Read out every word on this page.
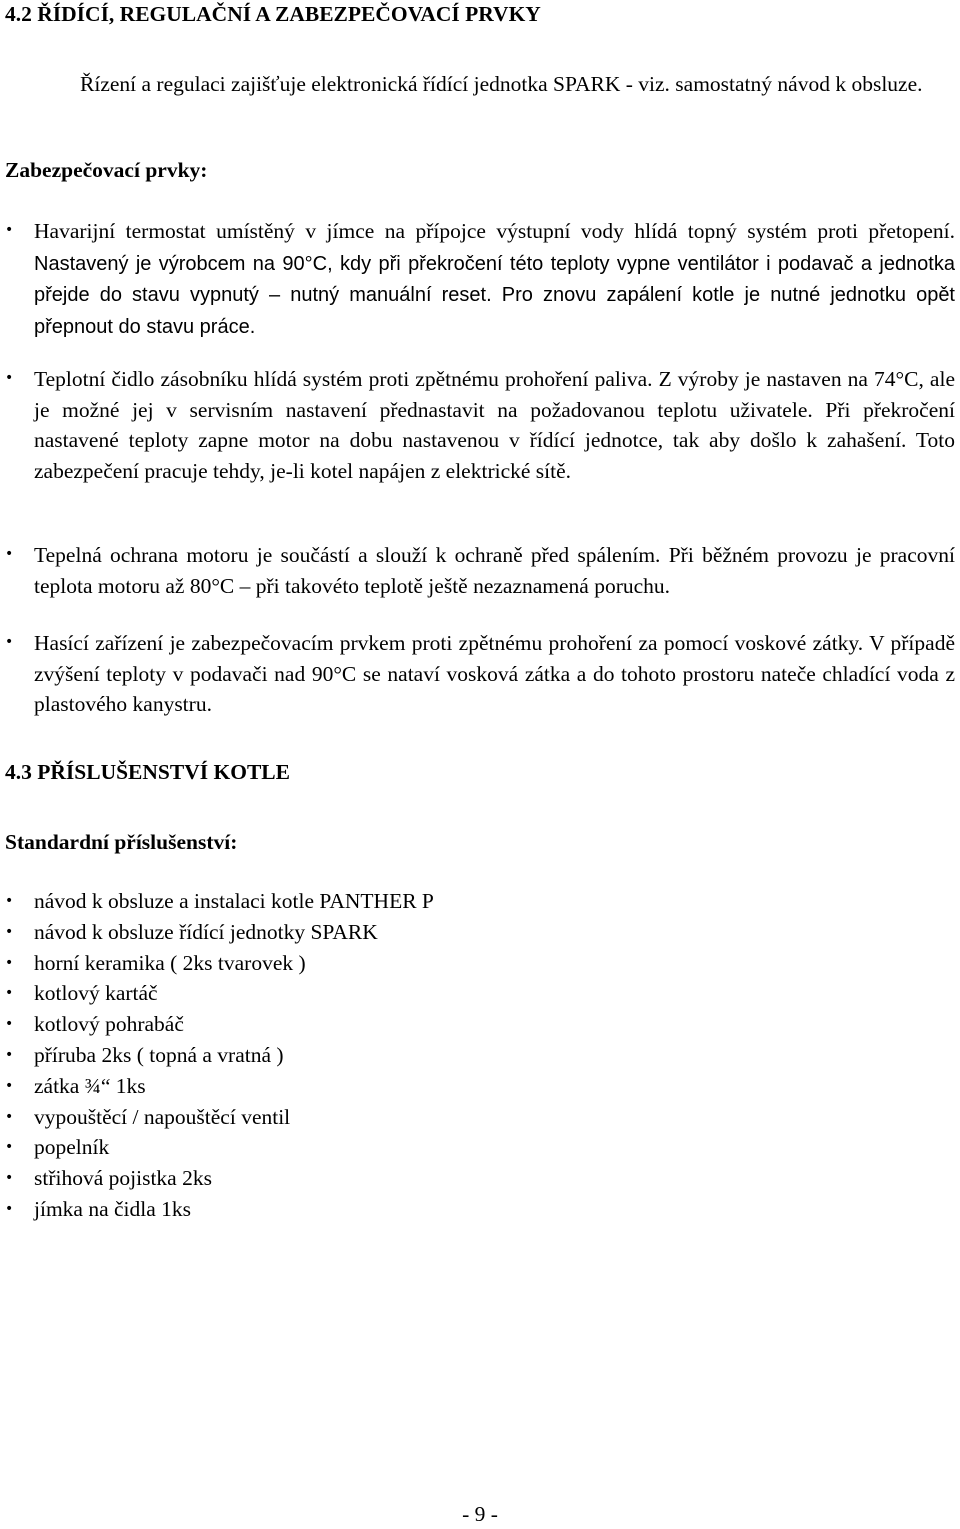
4.2 ŘÍDÍCÍ, REGULAČNÍ A ZABEZPEČOVACÍ PRVKY
Řízení a regulaci zajišťuje elektronická řídící jednotka SPARK - viz. samostatný návod k obsluze.
Zabezpečovací prvky:
• Havarijní termostat umístěný v jímce na přípojce výstupní vody hlídá topný systém proti přetopení. Nastavený je výrobcem na 90°C, kdy při překročení této teploty vypne ventilátor i podavač a jednotka přejde do stavu vypnutý – nutný manuální reset. Pro znovu zapálení kotle je nutné jednotku opět přepnout do stavu práce.
• Teplotní čidlo zásobníku hlídá systém proti zpětnému prohoření paliva. Z výroby je nastaven na 74°C, ale je možné jej v servisním nastavení přednastavit na požadovanou teplotu uživatele. Při překročení nastavené teploty zapne motor na dobu nastavenou v řídící jednotce, tak aby došlo k zahašení. Toto zabezpečení pracuje tehdy, je-li kotel napájen z elektrické sítě.
• Tepelná ochrana motoru je součástí a slouží k ochraně před spálením. Při běžném provozu je pracovní teplota motoru až 80°C – při takovéto teplotě ještě nezaznamená poruchu.
• Hasící zařízení je zabezpečovacím prvkem proti zpětnému prohoření za pomocí voskové zátky. V případě zvýšení teploty v podavači nad 90°C se nataví vosková zátka a do tohoto prostoru nateče chladící voda z plastového kanystru.
4.3 PŘÍSLUŠENSTVÍ KOTLE
Standardní příslušenství:
• návod k obsluze a instalaci kotle PANTHER P
• návod k obsluze řídící jednotky SPARK
• horní keramika ( 2ks tvarovek )
• kotlový kartáč
• kotlový pohrabáč
• příruba 2ks ( topná a vratná )
• zátka ¾“ 1ks
• vypouštěcí / napouštěcí ventil
• popelník
• střihová pojistka 2ks
• jímka na čidla 1ks
- 9 -
